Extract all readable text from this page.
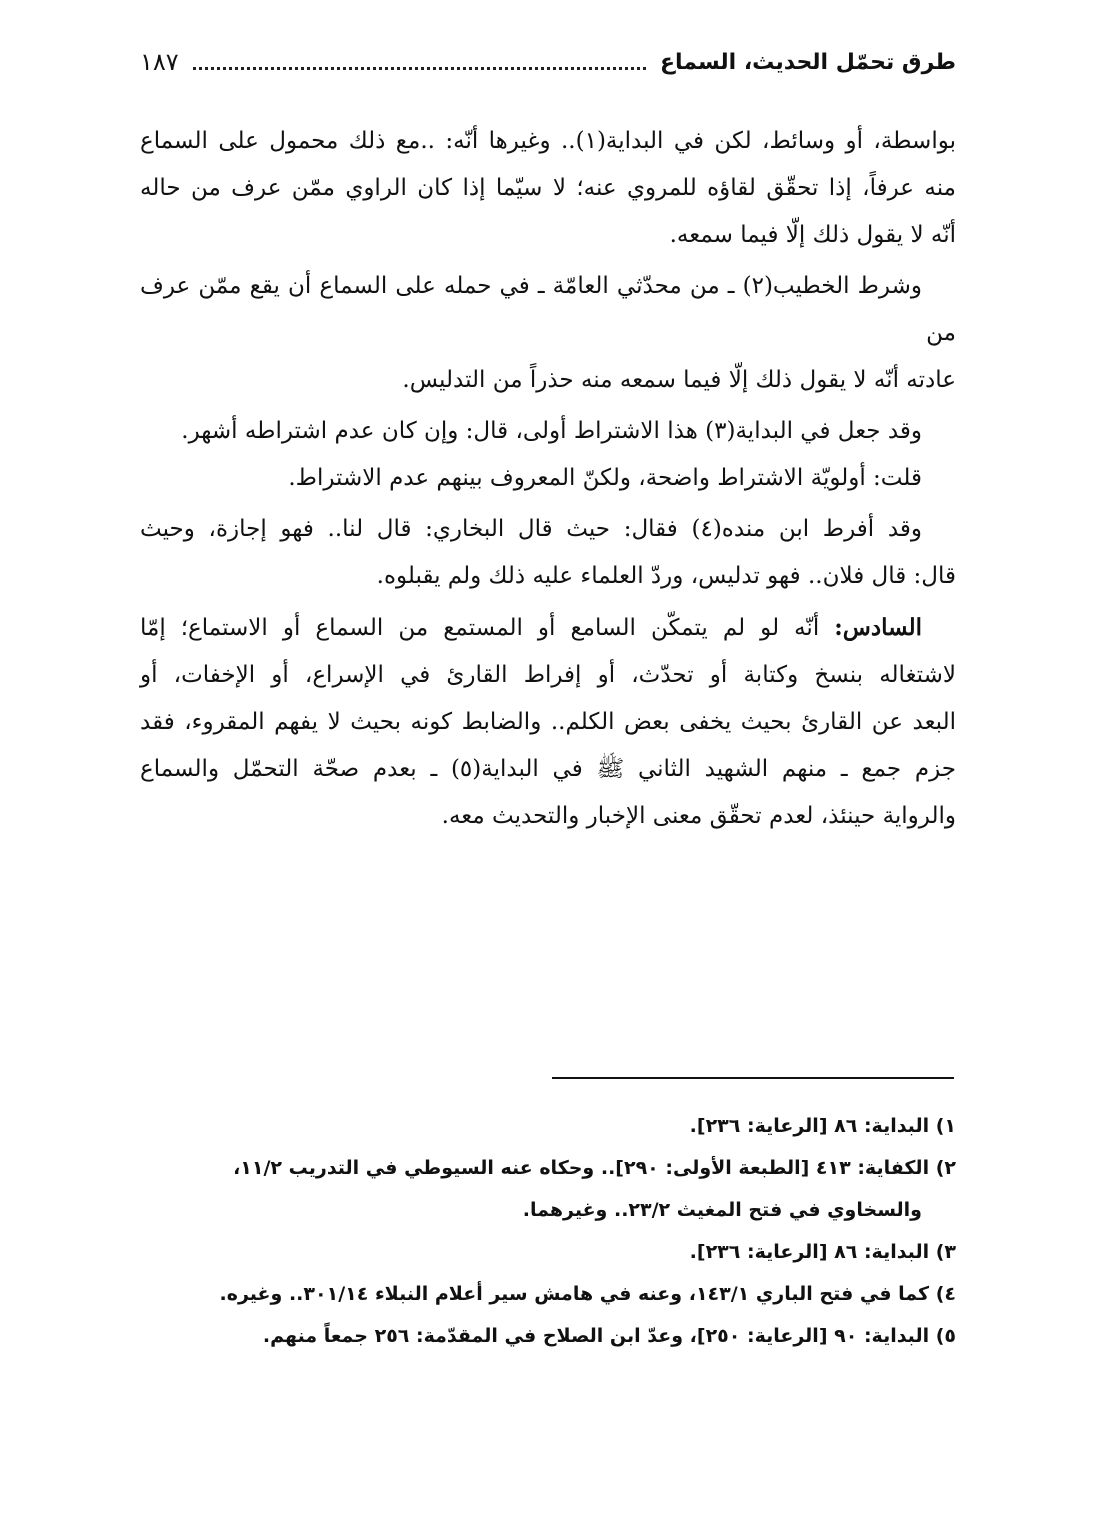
طرق تحمّل الحديث، السماع
١٨٧

بواسطة، أو وسائط، لكن في البداية(١).. وغيرها أنّه: ..مع ذلك محمول على السماع

منه عرفاً، إذا تحقّق لقاؤه للمروي عنه؛ لا سيّما إذا كان الراوي ممّن عرف من حاله

أنّه لا يقول ذلك إلّا فيما سمعه.

وشرط الخطيب(٢) ـ من محدّثي العامّة ـ في حمله على السماع أن يقع ممّن عرف من

عادته أنّه لا يقول ذلك إلّا فيما سمعه منه حذراً من التدليس.

وقد جعل في البداية(٣) هذا الاشتراط أولى، قال: وإن كان عدم اشتراطه أشهر.

قلت: أولويّة الاشتراط واضحة، ولكنّ المعروف بينهم عدم الاشتراط.

وقد أفرط ابن منده(٤) فقال: حيث قال البخاري: قال لنا.. فهو إجازة، وحيث

قال: قال فلان.. فهو تدليس، وردّ العلماء عليه ذلك ولم يقبلوه.

السادس: أنّه لو لم يتمكّن السامع أو المستمع من السماع أو الاستماع؛ إمّا

لاشتغاله بنسخ وكتابة أو تحدّث، أو إفراط القارئ في الإسراع، أو الإخفات، أو

البعد عن القارئ بحيث يخفى بعض الكلم.. والضابط كونه بحيث لا يفهم المقروء، فقد

جزم جمع ـ منهم الشهيد الثاني ﷺ في البداية(٥) ـ بعدم صحّة التحمّل والسماع

والرواية حينئذ، لعدم تحقّق معنى الإخبار والتحديث معه.

١) البداية: ٨٦ [الرعاية: ٢٣٦].
٢) الكفاية: ٤١٣ [الطبعة الأولى: ٢٩٠].. وحكاه عنه السيوطي في التدريب ١١/٢،
والسخاوي في فتح المغيث ٢٣/٢.. وغيرهما.
٣) البداية: ٨٦ [الرعاية: ٢٣٦].
٤) كما في فتح الباري ١٤٣/١، وعنه في هامش سير أعلام النبلاء ٣٠١/١٤.. وغيره.
٥) البداية: ٩٠ [الرعاية: ٢٥٠]، وعدّ ابن الصلاح في المقدّمة: ٢٥٦ جمعاً منهم.
